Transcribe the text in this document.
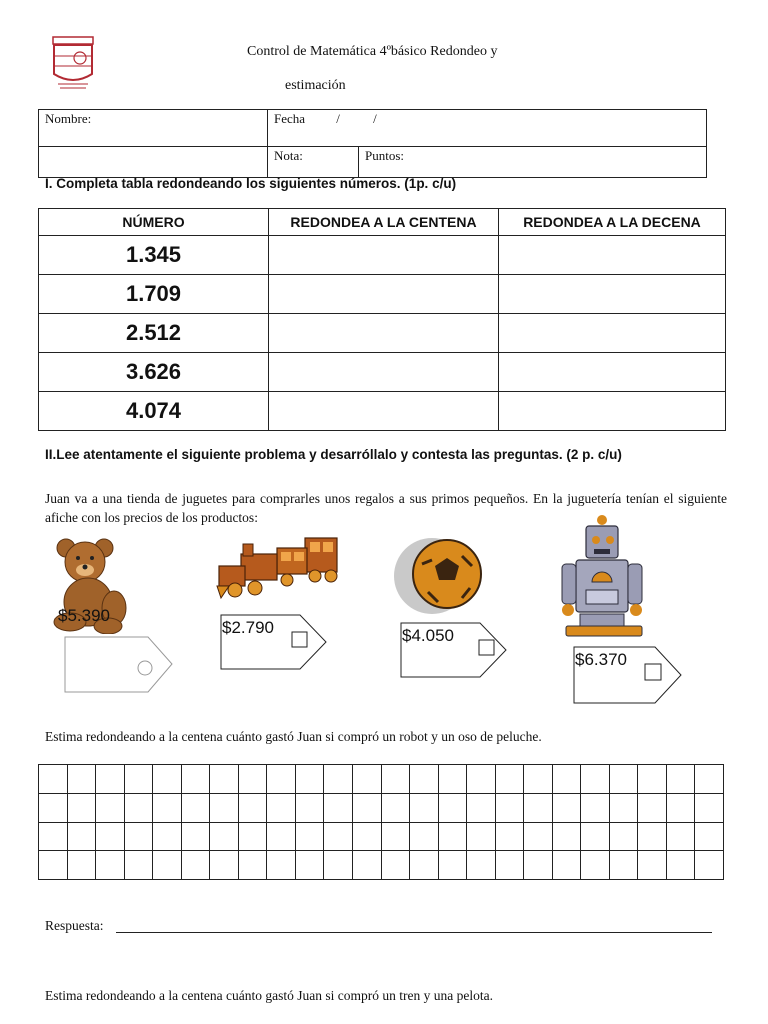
Control de Matemática 4ºbásico Redondeo y
estimación
Nombre:	Fecha / /	
	Nota:	Puntos:
I. Completa tabla redondeando los siguientes números. (1p. c/u)
NÚMERO	REDONDEA A LA CENTENA	REDONDEA A LA DECENA
1.345		
1.709		
2.512		
3.626		
4.074		
II.Lee atentamente el siguiente problema y desarróllalo y contesta las preguntas. (2 p. c/u)
Juan va a una tienda de juguetes para comprarles unos regalos a sus primos pequeños. En la juguetería tenían el siguiente afiche con los precios de los productos:
$5.390
$2.790	$4.050
$6.370
Estima redondeando a la centena cuánto gastó Juan si compró un robot y un oso de peluche.
Respuesta:
Estima redondeando a la centena cuánto gastó Juan si compró un tren y una pelota.
